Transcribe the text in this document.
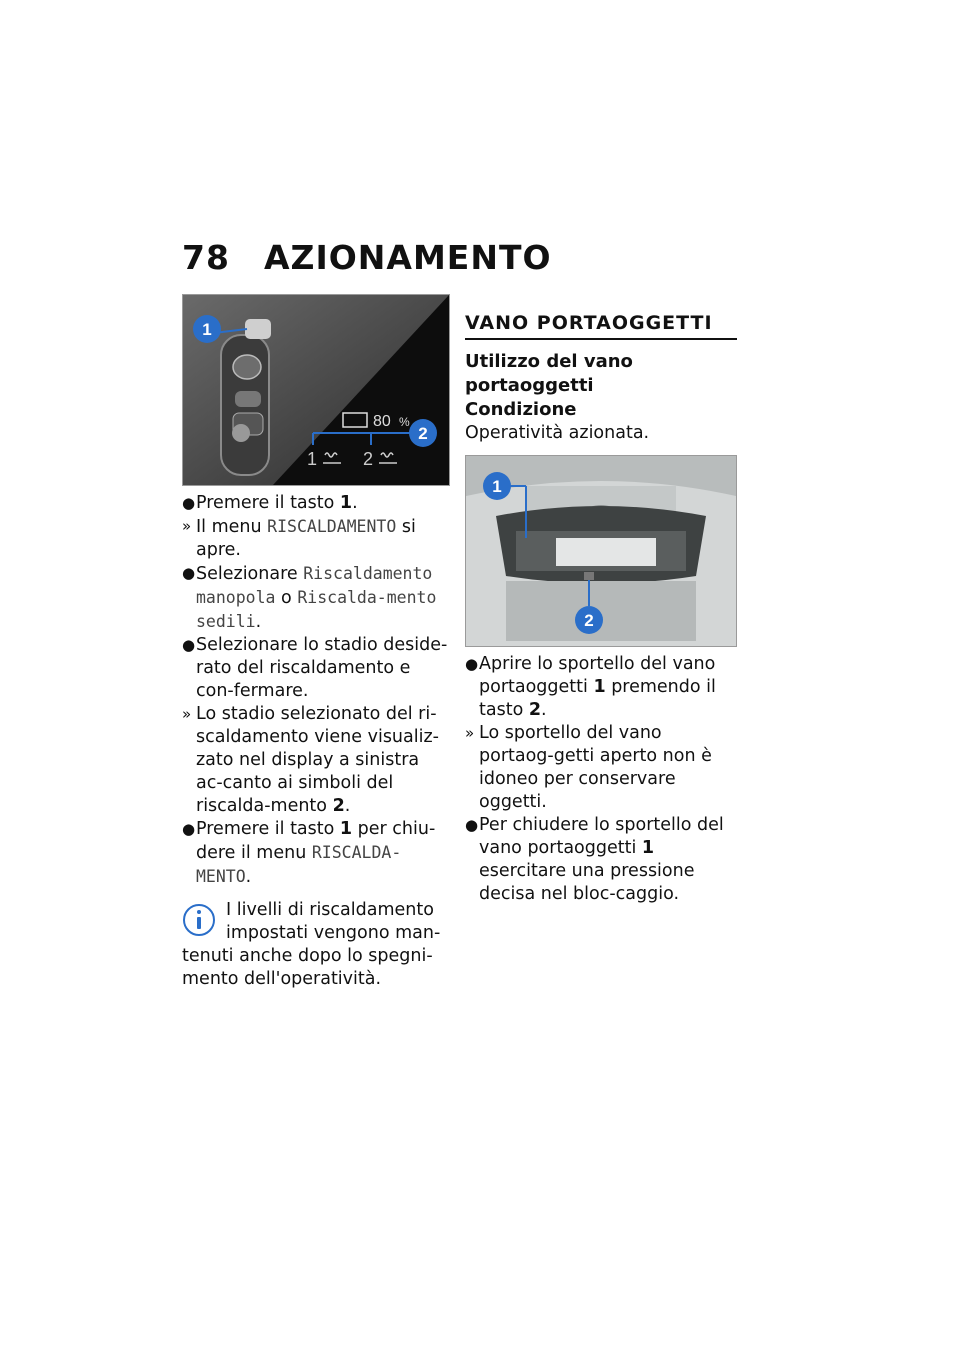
78 AZIONAMENTO
1
80 %
2
1	2
● Premere il tasto 1.
» Il menu RISCALDAMENTO si apre.
● Selezionare Riscaldamento manopola o Riscalda-mento sedili.
● Selezionare lo stadio deside-rato del riscaldamento e con-fermare.
» Lo stadio selezionato del ri-scaldamento viene visualiz-zato nel display a sinistra ac-canto ai simboli del riscalda-mento 2.
● Premere il tasto 1 per chiu-dere il menu RISCALDA-MENTO.
I livelli di riscaldamento impostati vengono man-
tenuti anche dopo lo spegni-mento dell'operatività.
VANO PORTAOGGETTI
Utilizzo del vano portaoggetti
Condizione
Operatività azionata.
1
2
● Aprire lo sportello del vano portaoggetti 1 premendo il tasto 2.
» Lo sportello del vano portaog-getti aperto non è idoneo per conservare oggetti.
● Per chiudere lo sportello del vano portaoggetti 1 esercitare una pressione decisa nel bloc-caggio.
